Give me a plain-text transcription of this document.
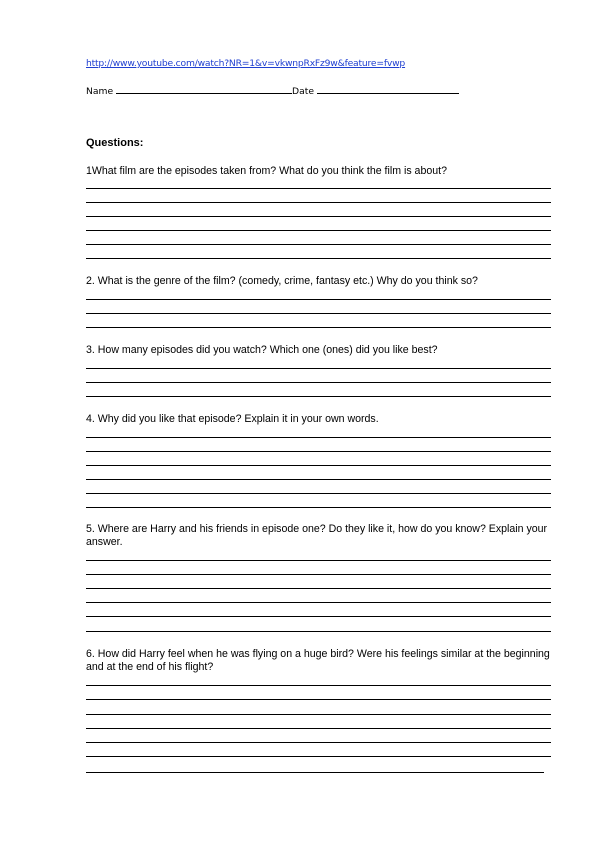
http://www.youtube.com/watch?NR=1&v=vkwnpRxFz9w&feature=fvwp
Name	Date
Questions:
1What film are the episodes taken from? What do you think the film is about?
2. What is the genre of the film? (comedy, crime, fantasy etc.) Why do you think so?
3. How many episodes did you watch? Which one (ones) did you like best?
4. Why did you like that episode? Explain it in your own words.
5. Where are Harry and his friends in episode one? Do they like it, how do you know? Explain your answer.
6. How did Harry feel when he was flying on a huge bird? Were his feelings similar at the beginning and at the end of his flight?
